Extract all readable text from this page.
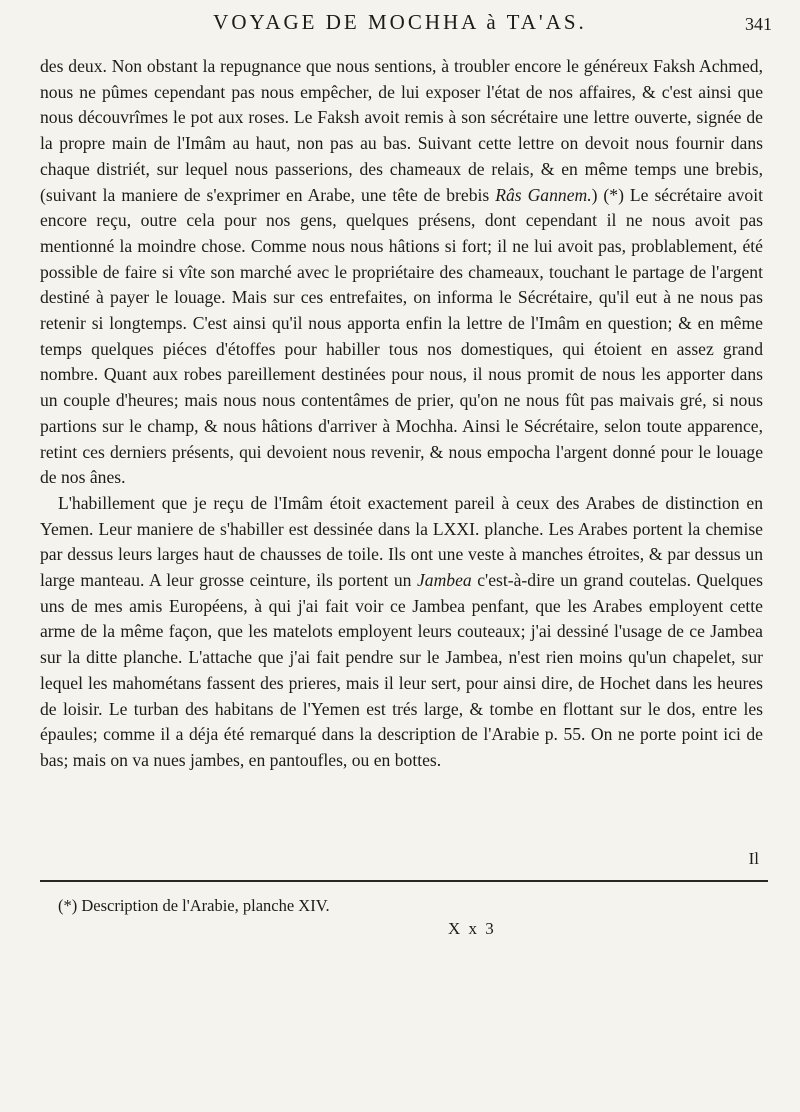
VOYAGE DE MOCHHA à TA'AS.	341

des deux. Non obstant la repugnance que nous sentions, à troubler encore le généreux Faksh Achmed, nous ne pûmes cependant pas nous empêcher, de lui exposer l'état de nos affaires, & c'est ainsi que nous découvrîmes le pot aux roses. Le Faksh avoit remis à son sécrétaire une lettre ouverte, signée de la propre main de l'Imâm au haut, non pas au bas. Suivant cette lettre on devoit nous fournir dans chaque distriét, sur lequel nous passerions, des chameaux de relais, & en même temps une brebis, (suivant la maniere de s'exprimer en Arabe, une tête de brebis Râs Gannem.) (*) Le sécrétaire avoit encore reçu, outre cela pour nos gens, quelques présens, dont cependant il ne nous avoit pas mentionné la moindre chose. Comme nous nous hâtions si fort; il ne lui avoit pas, problablement, été possible de faire si vîte son marché avec le propriétaire des chameaux, touchant le partage de l'argent destiné à payer le louage. Mais sur ces entrefaites, on informa le Sécrétaire, qu'il eut à ne nous pas retenir si longtemps. C'est ainsi qu'il nous apporta enfin la lettre de l'Imâm en question; & en même temps quelques piéces d'étoffes pour habiller tous nos domestiques, qui étoient en assez grand nombre. Quant aux robes pareillement destinées pour nous, il nous promit de nous les apporter dans un couple d'heures; mais nous nous contentâmes de prier, qu'on ne nous fût pas maivais gré, si nous partions sur le champ, & nous hâtions d'arriver à Mochha. Ainsi le Sécrétaire, selon toute apparence, retint ces derniers présents, qui devoient nous revenir, & nous empocha l'argent donné pour le louage de nos ânes.

L'habillement que je reçu de l'Imâm étoit exactement pareil à ceux des Arabes de distinction en Yemen. Leur maniere de s'habiller est dessinée dans la LXXI. planche. Les Arabes portent la chemise par dessus leurs larges haut de chausses de toile. Ils ont une veste à manches étroites, & par dessus un large manteau. A leur grosse ceinture, ils portent un Jambea c'est-à-dire un grand coutelas. Quelques uns de mes amis Européens, à qui j'ai fait voir ce Jambea penfant, que les Arabes employent cette arme de la même façon, que les matelots employent leurs couteaux; j'ai dessiné l'usage de ce Jambea sur la ditte planche. L'attache que j'ai fait pendre sur le Jambea, n'est rien moins qu'un chapelet, sur lequel les mahométans fassent des prieres, mais il leur sert, pour ainsi dire, de Hochet dans les heures de loisir. Le turban des habitans de l'Yemen est trés large, & tombe en flottant sur le dos, entre les épaules; comme il a déja été remarqué dans la description de l'Arabie p. 55. On ne porte point ici de bas; mais on va nues jambes, en pantoufles, ou en bottes.

Il
(*) Description de l'Arabie, planche XIV.
X x 3
